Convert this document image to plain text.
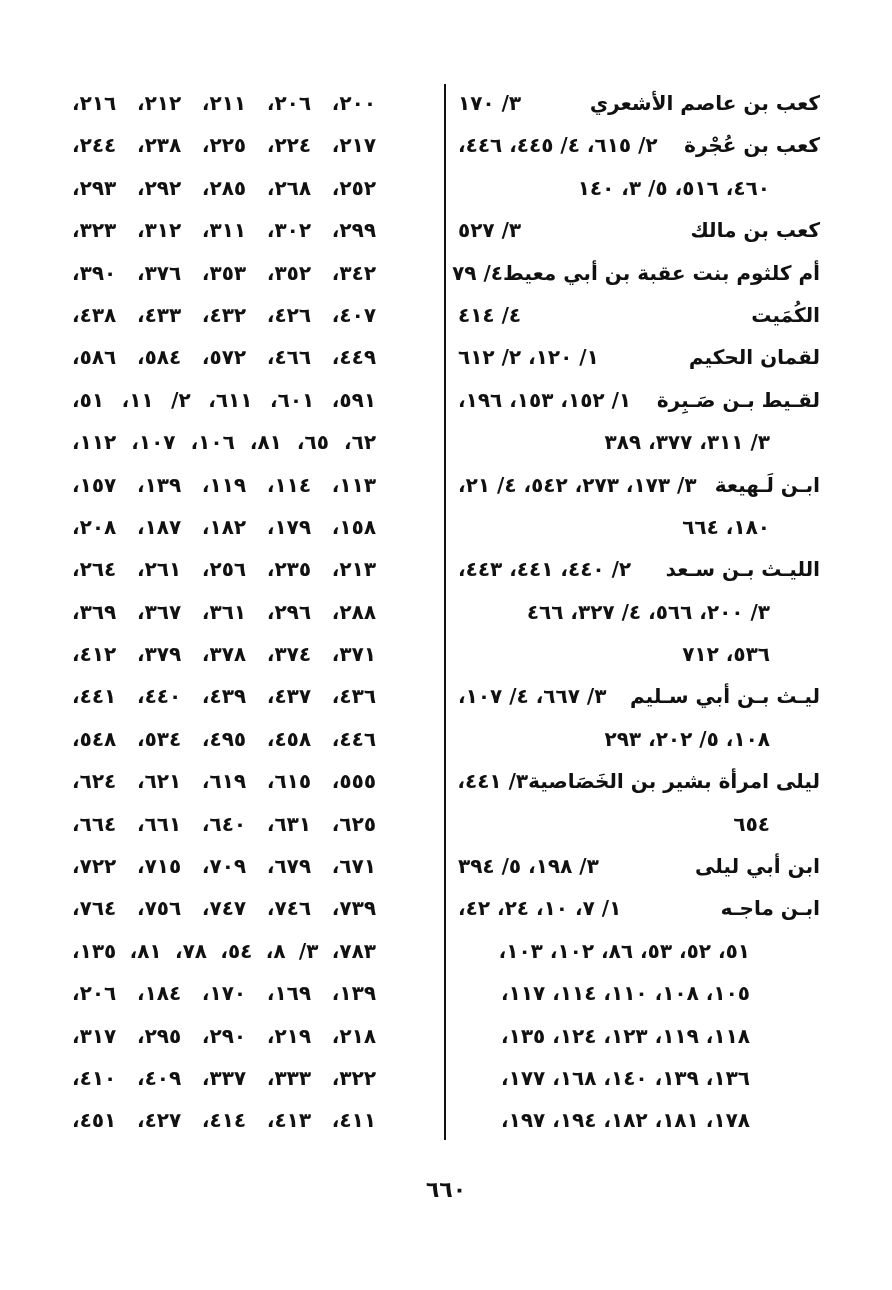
كعب بن عاصم الأشعري
٣/ ١٧٠
كعب بن عُجْرة
٢/ ٦١٥، ٤/ ٤٤٥، ٤٤٦،
٤٦٠، ٥١٦، ٥/ ٣، ١٤٠
كعب بن مالك
٣/ ٥٢٧
أم كلثوم بنت عقبة بن أبي معيط
٤/ ٧٩
الكُمَيت
٤/ ٤١٤
لقمان الحكيم
١/ ١٢٠، ٢/ ٦١٢
لقـيط بـن صَـبِرة
١/ ١٥٢، ١٥٣، ١٩٦،
٣/ ٣١١، ٣٧٧، ٣٨٩
ابـن لَـهيعة
٣/ ١٧٣، ٢٧٣، ٥٤٢، ٤/ ٢١،
١٨٠، ٦٦٤
الليـث بـن سـعد
٢/ ٤٤٠، ٤٤١، ٤٤٣،
٣/ ٢٠٠، ٥٦٦، ٤/ ٣٢٧، ٤٦٦
٥٣٦، ٧١٢
ليـث بـن أبي سـليم
٣/ ٦٦٧، ٤/ ١٠٧،
١٠٨، ٥/ ٢٠٢، ٢٩٣
ليلى امرأة بشير بن الخَصَاصية
٣/ ٤٤١،
٦٥٤
ابن أبي ليلى
٣/ ١٩٨، ٥/ ٣٩٤
ابـن ماجـه
١/ ٧، ١٠، ٢٤، ٤٢،
٥١، ٥٢، ٥٣، ٨٦، ١٠٢، ١٠٣،
١٠٥، ١٠٨، ١١٠، ١١٤، ١١٧،
١١٨، ١١٩، ١٢٣، ١٢٤، ١٣٥،
١٣٦، ١٣٩، ١٤٠، ١٦٨، ١٧٧،
١٧٨، ١٨١، ١٨٢، ١٩٤، ١٩٧،
٢٠٠، ٢٠٦، ٢١١، ٢١٢، ٢١٦،
٢١٧، ٢٢٤، ٢٢٥، ٢٣٨، ٢٤٤،
٢٥٢، ٢٦٨، ٢٨٥، ٢٩٢، ٢٩٣،
٢٩٩، ٣٠٢، ٣١١، ٣١٢، ٣٢٣،
٣٤٢، ٣٥٢، ٣٥٣، ٣٧٦، ٣٩٠،
٤٠٧، ٤٢٦، ٤٣٢، ٤٣٣، ٤٣٨،
٤٤٩، ٤٦٦، ٥٧٢، ٥٨٤، ٥٨٦،
٥٩١، ٦٠١، ٦١١، ٢/ ١١، ٥١،
٦٢، ٦٥، ٨١، ١٠٦، ١٠٧، ١١٢،
١١٣، ١١٤، ١١٩، ١٣٩، ١٥٧،
١٥٨، ١٧٩، ١٨٢، ١٨٧، ٢٠٨،
٢١٣، ٢٣٥، ٢٥٦، ٢٦١، ٢٦٤،
٢٨٨، ٢٩٦، ٣٦١، ٣٦٧، ٣٦٩،
٣٧١، ٣٧٤، ٣٧٨، ٣٧٩، ٤١٢،
٤٣٦، ٤٣٧، ٤٣٩، ٤٤٠، ٤٤١،
٤٤٦، ٤٥٨، ٤٩٥، ٥٣٤، ٥٤٨،
٥٥٥، ٦١٥، ٦١٩، ٦٢١، ٦٢٤،
٦٢٥، ٦٣١، ٦٤٠، ٦٦١، ٦٦٤،
٦٧١، ٦٧٩، ٧٠٩، ٧١٥، ٧٢٢،
٧٣٩، ٧٤٦، ٧٤٧، ٧٥٦، ٧٦٤،
٧٨٣، ٣/ ٨، ٥٤، ٧٨، ٨١، ١٣٥،
١٣٩، ١٦٩، ١٧٠، ١٨٤، ٢٠٦،
٢١٨، ٢١٩، ٢٩٠، ٢٩٥، ٣١٧،
٣٢٢، ٣٣٣، ٣٣٧، ٤٠٩، ٤١٠،
٤١١، ٤١٣، ٤١٤، ٤٢٧، ٤٥١،
٦٦٠
